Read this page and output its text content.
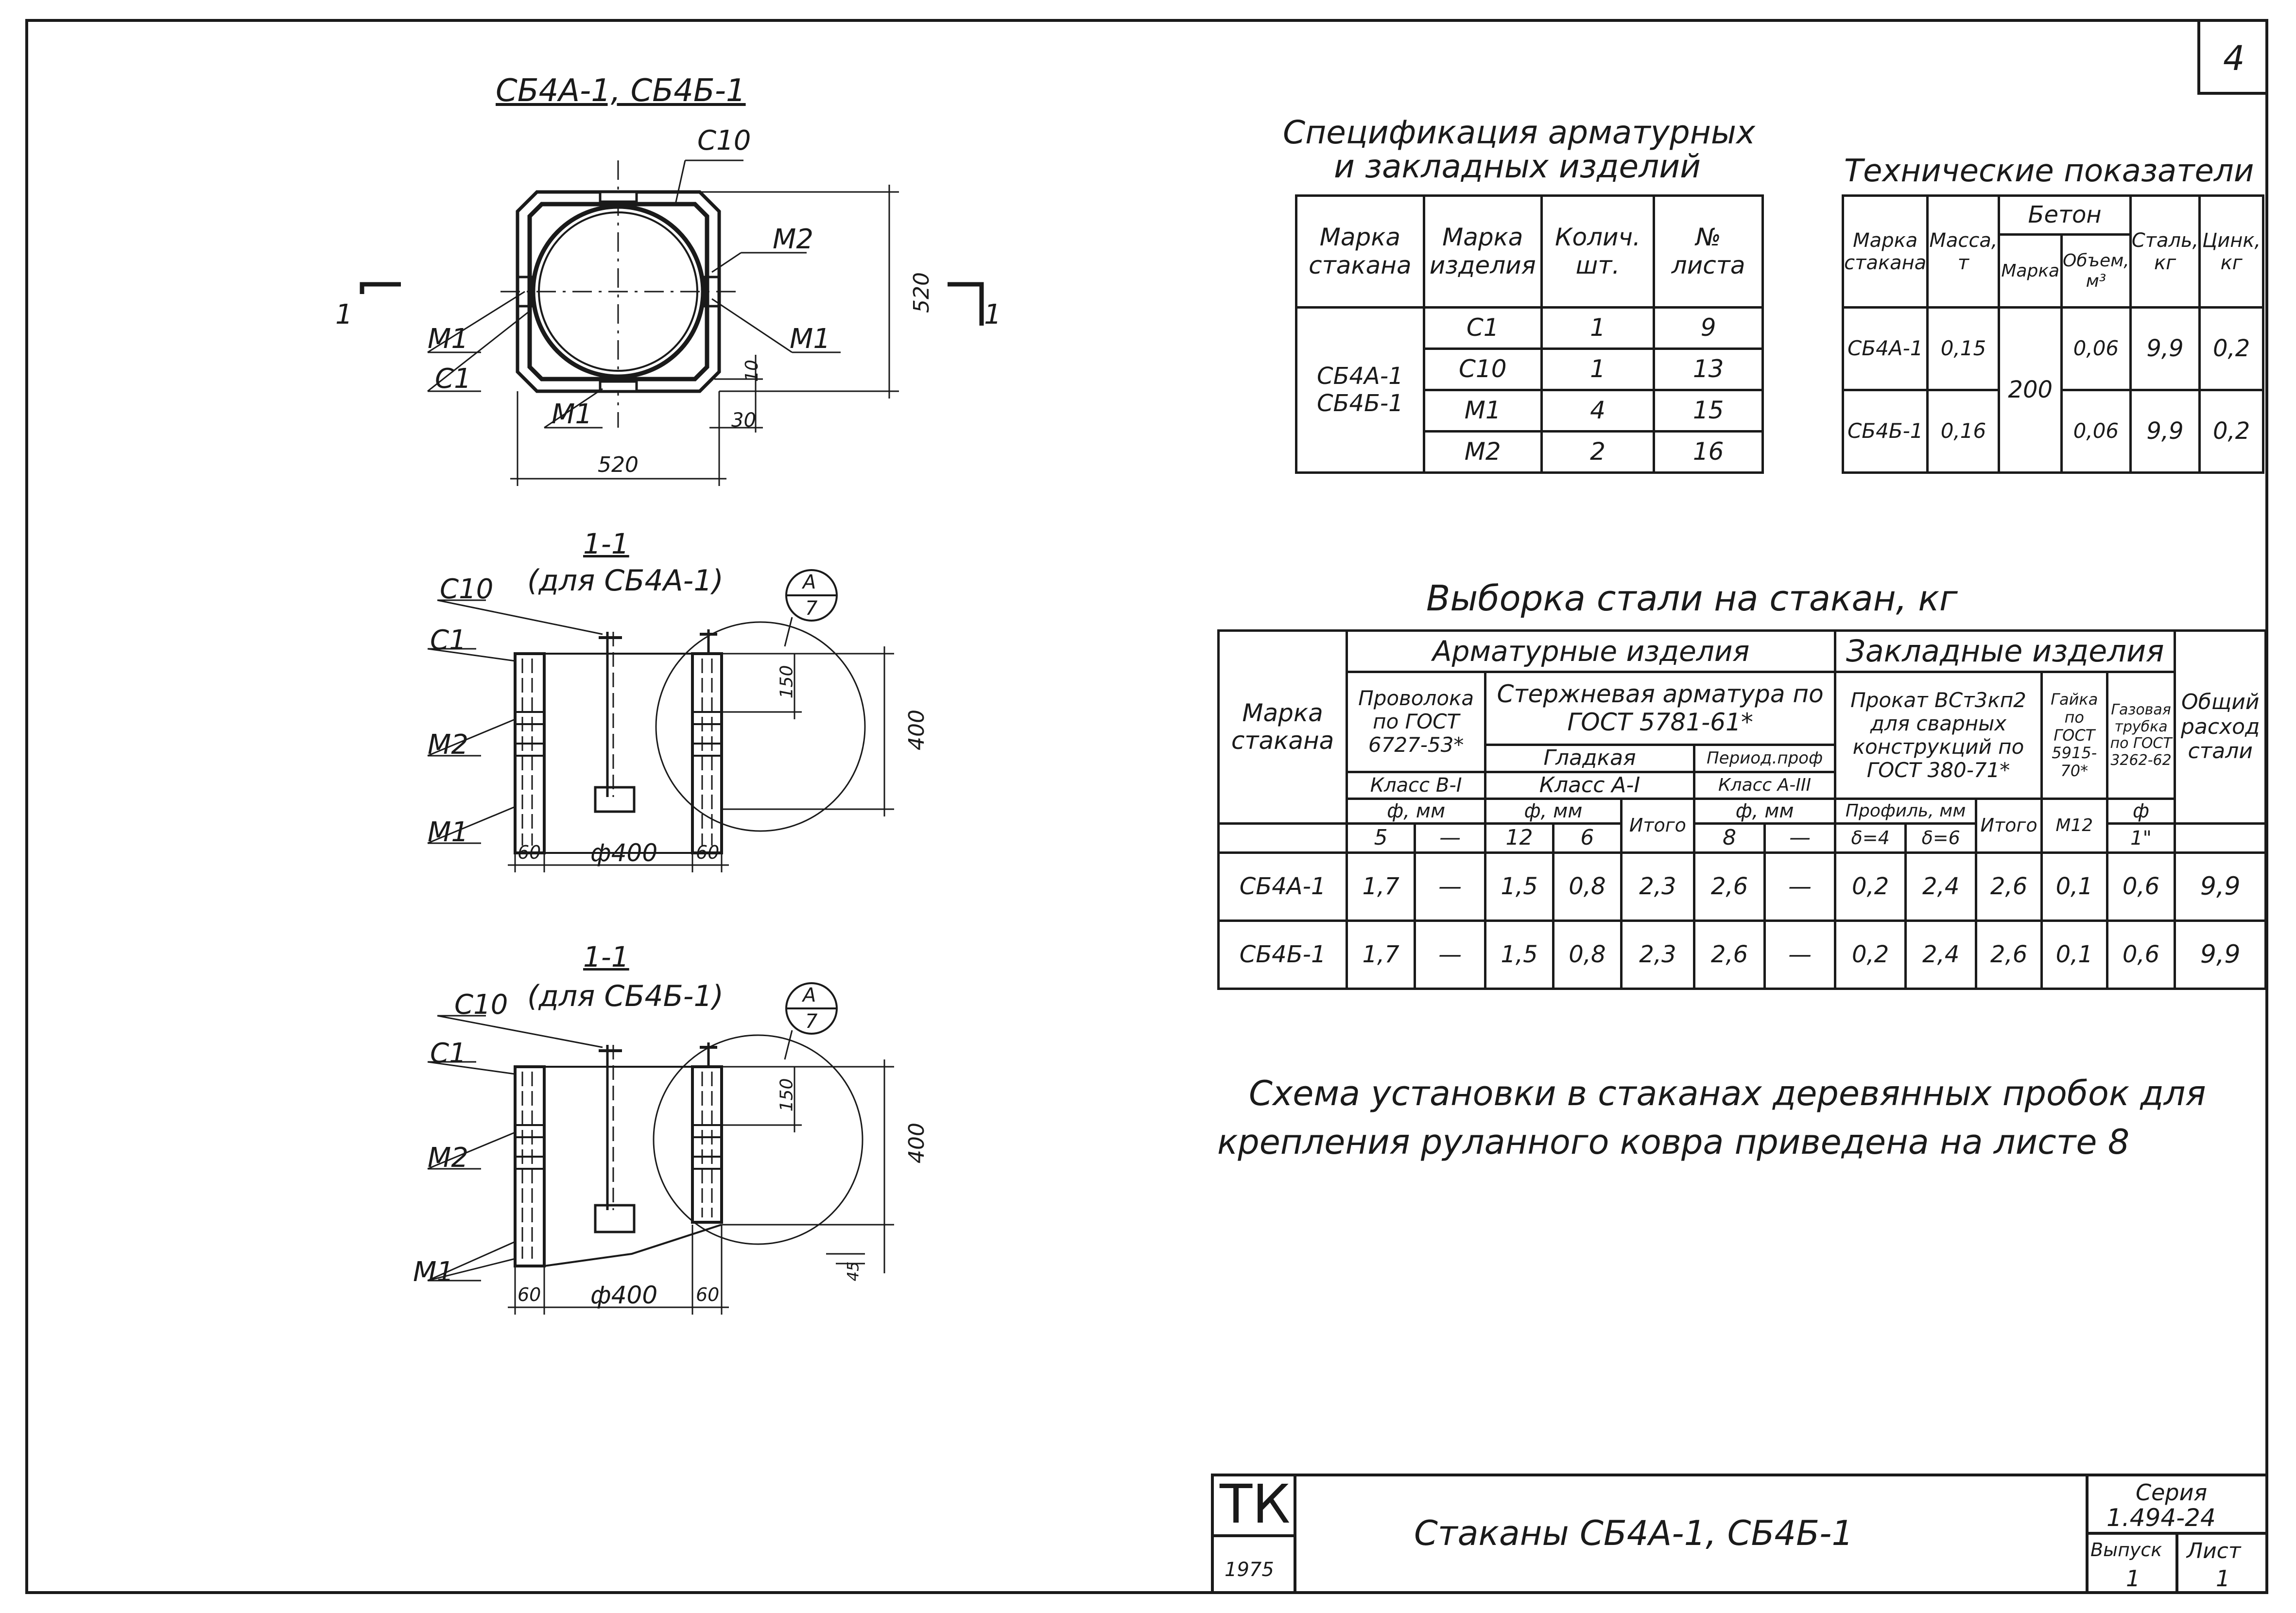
4
СБ4А-1, СБ4Б-1
С10
М2
М1
С1
М1
М1
520
520
30
10
1	1
1-1
(для СБ4А-1)
С10
С1
М2
М1
60 ф400 60
400
150
А
7
1-1
(для СБ4Б-1)
С10
С1
М2
М1
60 ф400 60
400
150
45
А
7
Спецификация арматурных
и закладных изделий
Марка стакана	Марка изделия	Колич. шт.	№ листа
СБ4А-1 СБ4Б-1	С1	1	9
	С10	1	13
	М1	4	15
	М2	2	16
Технические показатели
Марка стакана	Масса, т	Бетон		Сталь, кг	Цинк, кг
		Марка	Объем, м³		
СБ4А-1	0,15	200	0,06	9,9	0,2
СБ4Б-1	0,16		0,06	9,9	0,2
Выборка стали на стакан, кг
Марка стакана	Арматурные изделия							Закладные изделия					Общий расход стали
	Проволока по ГОСТ 6727-53*		Стержневая арматура по ГОСТ 5781-61*					Прокат ВСт3кп2 для сварных конструкций по ГОСТ 380-71*			Гайка по ГОСТ 5915-70*	Газовая трубка по ГОСТ 3262-62	
			Гладкая			Период.проф							
	Класс В-I		Класс А-I			Класс А-III							
	ф, мм		ф, мм		Итого	ф, мм		Профиль, мм		Итого	М12	ф	
	5	—	12	6		8	—	δ=4	δ=6			1"	
СБ4А-1	1,7	—	1,5	0,8	2,3	2,6	—	0,2	2,4	2,6	0,1	0,6	9,9
СБ4Б-1	1,7	—	1,5	0,8	2,3	2,6	—	0,2	2,4	2,6	0,1	0,6	9,9
Схема установки в стаканах деревянных пробок для
крепления руланного ковра приведена на листе 8
ТК
1975
Стаканы СБ4А-1, СБ4Б-1
Серия
1.494-24
Выпуск
1
Лист
1
